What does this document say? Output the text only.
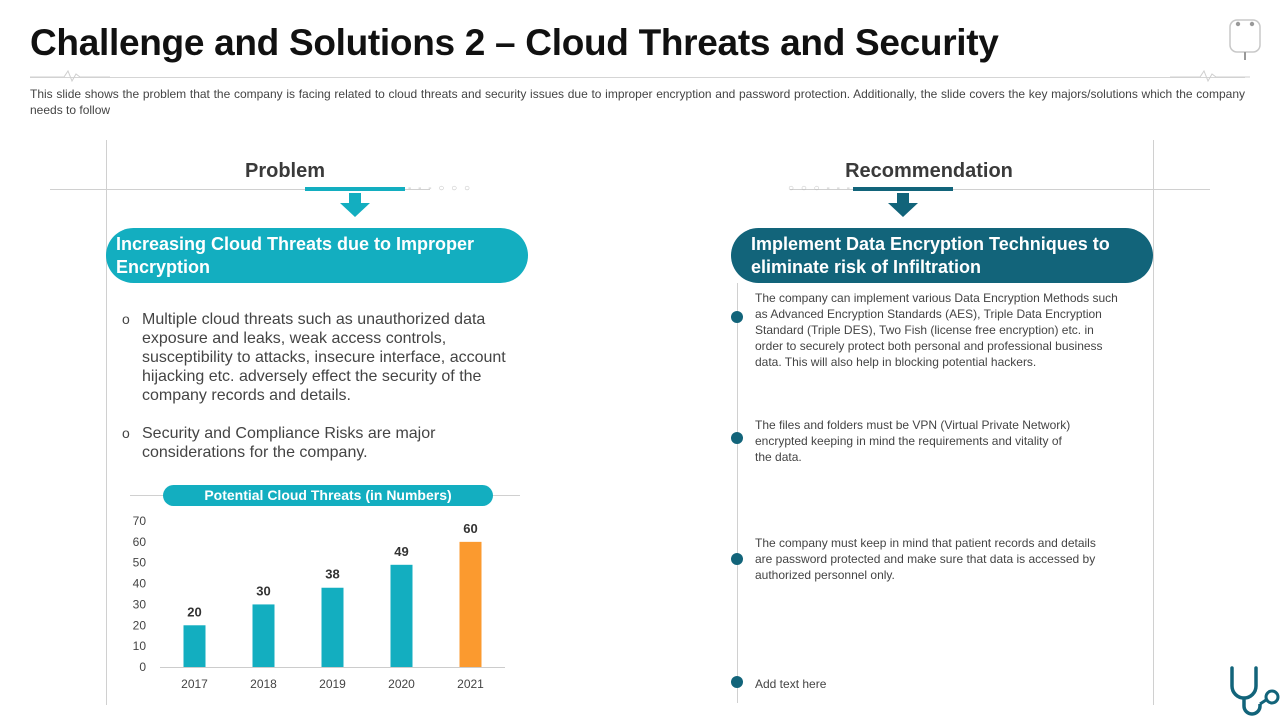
Challenge and Solutions 2 – Cloud Threats and Security
This slide shows the problem that the company is facing related to cloud threats and security issues due to improper encryption and password protection. Additionally, the slide covers the key majors/solutions which the company needs to follow
Problem
- - - ○ ○ ○
Increasing Cloud Threats due to Improper Encryption
o Multiple cloud threats such as unauthorized data exposure and leaks, weak access controls, susceptibility to attacks, insecure interface, account hijacking etc. adversely effect the security of the company records and details.
o Security and Compliance Risks are major considerations for the company.
Potential Cloud Threats (in Numbers)
0
10
20
30
40
50
60
70
20
2017
30
2018
38
2019
49
2020
60
2021
Recommendation
○ ○ ○ - - -
Implement Data Encryption Techniques to eliminate risk of Infiltration
The company can implement various Data Encryption Methods such as Advanced Encryption Standards (AES), Triple Data Encryption Standard (Triple DES), Two Fish (license free encryption) etc. in order to securely protect both personal and professional business data. This will also help in blocking potential hackers.
The files and folders must be VPN (Virtual Private Network) encrypted keeping in mind the requirements and vitality of the data.
The company must keep in mind that patient records and details are password protected and make sure that data is accessed by authorized personnel only.
Add text here
